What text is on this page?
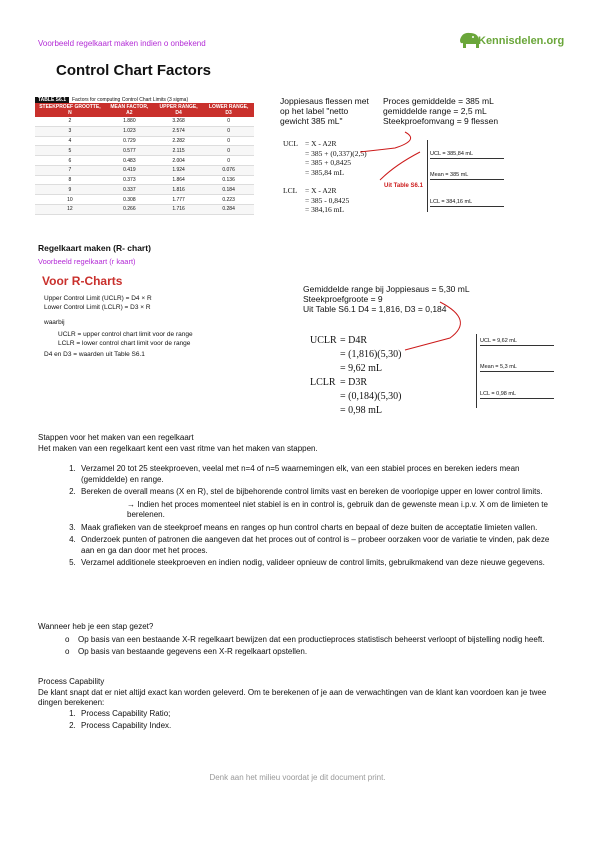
Voorbeeld regelkaart maken indien o onbekend	Kennisdelen.org
Control Chart Factors
TABLE S6.1	Factors for computing Control Chart Limits (3 sigma)
STEEKPROEF GROOTTE, N	MEAN FACTOR, A2	UPPER RANGE, D4	LOWER RANGE, D3
2	1.880	3.268	0
3	1.023	2.574	0
4	0.729	2.282	0
5	0.577	2.115	0
6	0.483	2.004	0
7	0.419	1.924	0.076
8	0.373	1.864	0.136
9	0.337	1.816	0.184
10	0.308	1.777	0.223
12	0.266	1.716	0.284
Joppiesaus flessen met
op het label "netto
gewicht 385 mL"
Proces gemiddelde = 385 mL
gemiddelde range = 2,5 mL
Steekproefomvang = 9 flessen
UCL = X - A2R
= 385 + (0,337)(2,5)
= 385 + 0,8425
= 385,84 mL
LCL = X - A2R
= 385 - 0,8425
= 384,16 mL
Uit Table S6.1
UCL = 385,84 mL
Mean = 385 mL
LCL = 384,16 mL
Regelkaart maken (R- chart)
Voorbeeld regelkaart (r kaart)
Voor R-Charts
Upper Control Limit (UCLR) = D4 × R
Lower Control Limit (LCLR) = D3 × R
waarbij
UCLR = upper control chart limit voor de range
LCLR = lower control chart limit voor de range
D4 en D3 = waarden uit Table S6.1
Gemiddelde range bij Joppiesaus = 5,30 mL
Steekproefgroote = 9
Uit Table S6.1 D4 = 1,816, D3 = 0,184
UCLR = D4R
= (1,816)(5,30)
= 9,62 mL
LCLR = D3R
= (0,184)(5,30)
= 0,98 mL
UCL = 9,62 mL
Mean = 5,3 mL
LCL = 0,98 mL
Stappen voor het maken van een regelkaart
Het maken van een regelkaart kent een vast ritme van het maken van stappen.
1. Verzamel 20 tot 25 steekproeven, veelal met n=4 of n=5 waarnemingen elk, van een stabiel proces en bereken ieders mean (gemiddelde) en range.
2. Bereken de overall means (X en R), stel de bijbehorende control limits vast en bereken de voorlopige upper en lower control limits.
→ Indien het proces momenteel niet stabiel is en in control is, gebruik dan de gewenste mean i.p.v. X om de limieten te berelenen.
3. Maak grafieken van de steekproef means en ranges op hun control charts en bepaal of deze buiten de acceptatie limieten vallen.
4. Onderzoek punten of patronen die aangeven dat het proces out of control is – probeer oorzaken voor de variatie te vinden, pak deze aan en ga dan door met het proces.
5. Verzamel additionele steekproeven en indien nodig, valideer opnieuw de control limits, gebruikmakend van deze nieuwe gegevens.
Wanneer heb je een stap gezet?
o Op basis van een bestaande X-R regelkaart bewijzen dat een productieproces statistisch beheerst verloopt of bijstelling nodig heeft.
o Op basis van bestaande gegevens een X-R regelkaart opstellen.
Process Capability
De klant snapt dat er niet altijd exact kan worden geleverd. Om te berekenen of je aan de verwachtingen van de klant kan voordoen kan je twee dingen berekenen:
1. Process Capability Ratio;
2. Process Capability Index.
Denk aan het milieu voordat je dit document print.
